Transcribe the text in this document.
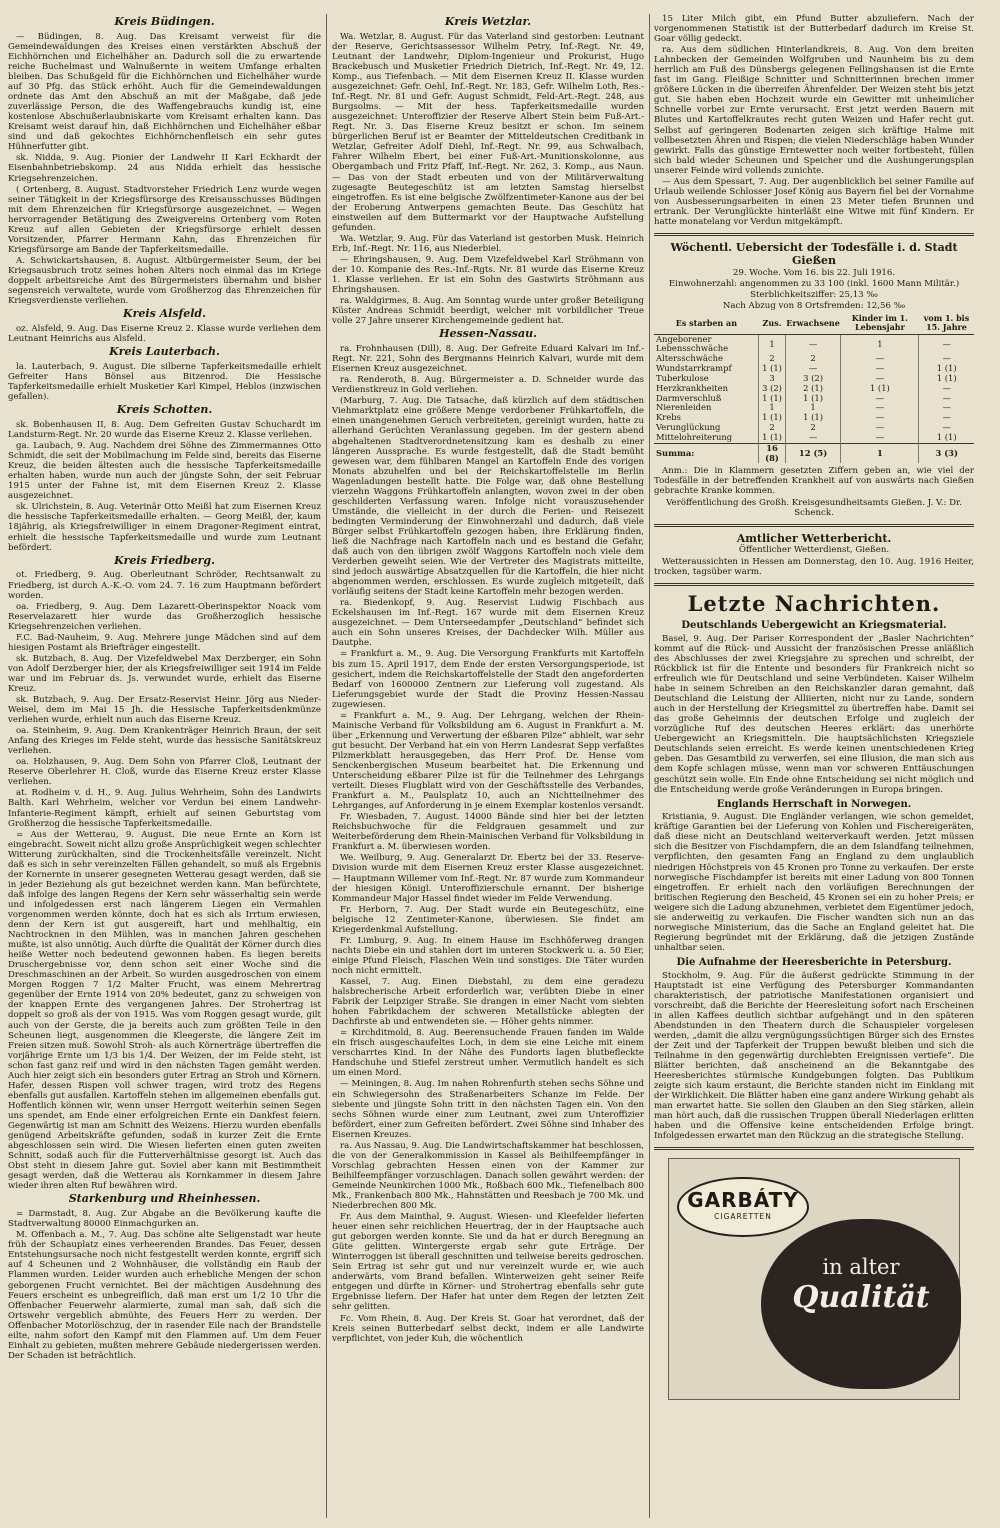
Kreis Büdingen.

— Büdingen, 8. Aug. Das Kreisamt verweist für die Gemeindewaldungen des Kreises einen verstärkten Abschuß der Eichhörnchen und Eichelhäher an. Dadurch soll die zu erwartende reiche Buchelmast und Walnußernte in weitem Umfange erhalten bleiben. Das Schußgeld für die Eichhörnchen und Eichelhäher wurde auf 30 Pfg. das Stück erhöht. Auch für die Gemeindewaldungen ordnete das Amt den Abschuß an mit der Maßgabe, daß jede zuverlässige Person, die des Waffengebrauchs kundig ist, eine kostenlose Abschußerlaubniskarte vom Kreisamt erhalten kann. Das Kreisamt weist darauf hin, daß Eichhörnchen und Eichelhäher eßbar sind und daß gekochtes Eichhörnchenfleisch ein sehr gutes Hühnerfutter gibt.

sk. Nidda, 9. Aug. Pionier der Landwehr II Karl Eckhardt der Eisenbahnbetriebskomp. 24 aus Nidda erhielt das hessische Kriegsehrenzeichen.

( Ortenberg, 8. August. Stadtvorsteher Friedrich Lenz wurde wegen seiner Tätigkeit in der Kriegsfürsorge des Kreisausschusses Büdingen mit dem Ehrenzeichen für Kriegsfürsorge ausgezeichnet. — Wegen hervorragender Betätigung des Zweigvereins Ortenberg vom Roten Kreuz auf allen Gebieten der Kriegsfürsorge erhielt dessen Vorsitzender, Pfarrer Hermann Kahn, das Ehrenzeichen für Kriegsfürsorge am Bande der Tapferkeitsmedaille.

A. Schwickartshausen, 8. August. Altbürgermeister Seum, der bei Kriegsausbruch trotz seines hohen Alters noch einmal das im Kriege doppelt arbeitsreiche Amt des Bürgermeisters übernahm und bisher segensreich verwaltete, wurde vom Großherzog das Ehrenzeichen für Kriegsverdienste verliehen.

Kreis Alsfeld.

oz. Alsfeld, 9. Aug. Das Eiserne Kreuz 2. Klasse wurde verliehen dem Leutnant Heinrichs aus Alsfeld.

Kreis Lauterbach.

la. Lauterbach, 9. August. Die silberne Tapferkeitsmedaille erhielt Gefreiter Hans Bönsel aus Bitzenrod. Die Hessische Tapferkeitsmedaille erhielt Musketier Karl Kimpel, Heblos (inzwischen gefallen).

Kreis Schotten.

sk. Bobenhausen II, 8. Aug. Dem Gefreiten Gustav Schuchardt im Landsturm-Regt. Nr. 20 wurde das Eiserne Kreuz 2. Klasse verliehen.

ga. Laubach, 9. Aug. Nachdem drei Söhne des Zimmermannes Otto Schmidt, die seit der Mobilmachung im Felde sind, bereits das Eiserne Kreuz, die beiden ältesten auch die hessische Tapferkeitsmedaille erhalten haben, wurde nun auch der jüngste Sohn, der seit Februar 1915 unter der Fahne ist, mit dem Eisernen Kreuz 2. Klasse ausgezeichnet.

sk. Ulrichstein, 8. Aug. Veterinär Otto Meißl hat zum Eisernen Kreuz die hessische Tapferkeitsmedaille erhalten. — Georg Meißl, der, kaum 18jährig, als Kriegsfreiwilliger in einem Dragoner-Regiment eintrat, erhielt die hessische Tapferkeitsmedaille und wurde zum Leutnant befördert.

Kreis Friedberg.

ot. Friedberg, 9. Aug. Oberleutnant Schröder, Rechtsanwalt zu Friedberg, ist durch A.-K.-O. vom 24. 7. 16 zum Hauptmann befördert worden.

oa. Friedberg, 9. Aug. Dem Lazarett-Oberinspektor Noack vom Reservelazarett hier wurde das Großherzoglich hessische Kriegsehrenzeichen verliehen.

F.C. Bad-Nauheim, 9. Aug. Mehrere junge Mädchen sind auf dem hiesigen Postamt als Briefträger eingestellt.

sk. Butzbach, 8. Aug. Der Vizefeldwebel Max Derzberger, ein Sohn von Adolf Derzberger hier, der als Kriegsfreiwilliger seit 1914 im Felde war und im Februar ds. Js. verwundet wurde, erhielt das Eiserne Kreuz.

sk. Butzbach, 9. Aug. Der Ersatz-Reservist Heinr. Jörg aus Nieder-Weisel, dem im Mai 15 Jh. die Hessische Tapferkeitsdenkmünze verliehen wurde, erhielt nun auch das Eiserne Kreuz.

oa. Steinheim, 9. Aug. Dem Krankenträger Heinrich Braun, der seit Anfang des Krieges im Felde steht, wurde das hessische Sanitätskreuz verliehen.

oa. Holzhausen, 9. Aug. Dem Sohn von Pfarrer Cloß, Leutnant der Reserve Oberlehrer H. Cloß, wurde das Eiserne Kreuz erster Klasse verliehen.

at. Rodheim v. d. H., 9. Aug. Julius Wehrheim, Sohn des Landwirts Balth. Karl Wehrheim, welcher vor Verdun bei einem Landwehr-Infanterie-Regiment kämpft, erhielt auf seinen Geburtstag vom Großherzog die hessische Tapferkeitsmedaille.

= Aus der Wetterau, 9. August. Die neue Ernte an Korn ist eingebracht. Soweit nicht allzu große Ansprüchigkeit wegen schlechter Witterung zurückhalten, sind die Trockenheitsfälle vereinzelt. Nicht daß es sich in sehr vereinzelten Fällen gehandelt, so muß als Ergebnis der Kornernte in unserer gesegneten Wetterau gesagt werden, daß sie in jeder Beziehung als gut bezeichnet werden kann. Man befürchtete, daß infolge des langen Regens der Kern sehr wässerhaltig sein werde und infolgedessen erst nach längerem Liegen ein Vermahlen vorgenommen werden könnte, doch hat es sich als Irrtum erwiesen, denn der Kern ist gut ausgereift, hart und mehlhaltig, ein Nachtrocknen in den Mühlen, was in manchen Jahren geschehen mußte, ist also unnötig. Auch dürfte die Qualität der Körner durch dies heiße Wetter noch bedeutend gewonnen haben. Es liegen bereits Druschergebnisse vor, denn schon seit einer Woche sind die Dreschmaschinen an der Arbeit. So wurden ausgedroschen von einem Morgen Roggen 7 1/2 Malter Frucht, was einem Mehrertrag gegenüber der Ernte 1914 von 20% bedeutet, ganz zu schweigen von der knappen Ernte des vergangenen Jahres. Der Strohertrag ist doppelt so groß als der von 1915. Was vom Roggen gesagt wurde, gilt auch von der Gerste, die ja bereits auch zum größten Teile in den Scheunen liegt, ausgenommen die Kleegerste, die längere Zeit im Freien sitzen muß. Sowohl Stroh- als auch Körnerträge übertreffen die vorjährige Ernte um 1/3 bis 1/4. Der Weizen, der im Felde steht, ist schon fast ganz reif und wird in den nächsten Tagen gemäht werden. Auch hier zeigt sich ein besonders guter Ertrag an Stroh und Körnern. Hafer, dessen Rispen voll schwer tragen, wird trotz des Regens ebenfalls gut ausfallen. Kartoffeln stehen im allgemeinen ebenfalls gut. Hoffentlich können wir, wenn unser Herrgott weiterhin seinen Segen uns spendet, am Ende einer erfolgreichen Ernte ein Dankfest feiern. Gegenwärtig ist man am Schnitt des Weizens. Hierzu wurden ebenfalls genügend Arbeitskräfte gefunden, sodaß in kurzer Zeit die Ernte abgeschlossen sein wird. Die Wiesen lieferten einen guten zweiten Schnitt, sodaß auch für die Futterverhältnisse gesorgt ist. Auch das Obst steht in diesem Jahre gut. Soviel aber kann mit Bestimmtheit gesagt werden, daß die Wetterau als Kornkammer in diesem Jahre wieder ihren alten Ruf bewähren wird.

Starkenburg und Rheinhessen.

= Darmstadt, 8. Aug. Zur Abgabe an die Bevölkerung kaufte die Stadtverwaltung 80000 Einmachgurken an.

M. Offenbach a. M., 7. Aug. Das schöne alte Seligenstadt war heute früh der Schauplatz eines verheerenden Brandes. Das Feuer, dessen Entstehungsursache noch nicht festgestellt werden konnte, ergriff sich auf 4 Scheunen und 2 Wohnhäuser, die vollständig ein Raub der Flammen wurden. Leider wurden auch erhebliche Mengen der schon geborgenen Frucht vernichtet. Bei der mächtigen Ausdehnung des Feuers erscheint es unbegreiflich, daß man erst um 1/2 10 Uhr die Offenbacher Feuerwehr alarmierte, zumal man sah, daß sich die Ortswehr vergeblich abmühte, des Feuers Herr zu werden. Der Offenbacher Motorlöschzug, der in rasender Eile nach der Brandstelle eilte, nahm sofort den Kampf mit den Flammen auf. Um dem Feuer Einhalt zu gebieten, mußten mehrere Gebäude niedergerissen werden. Der Schaden ist beträchtlich.

Kreis Wetzlar.

Wa. Wetzlar, 8. August. Für das Vaterland sind gestorben: Leutnant der Reserve, Gerichtsassessor Wilhelm Petry, Inf.-Regt. Nr. 49, Leutnant der Landwehr, Diplom-Ingenieur und Prokurist, Hugo Brackebusch und Musketier Friedrich Dietrich, Inf.-Regt. Nr. 49, 12. Komp., aus Tiefenbach. — Mit dem Eisernen Kreuz II. Klasse wurden ausgezeichnet: Gefr. Oehl, Inf.-Regt. Nr. 183, Gefr. Wilhelm Loth, Res.-Inf.-Regt. Nr. 81 und Gefr. August Schmidt, Feld-Art.-Regt. 248, aus Burgsolms. — Mit der hess. Tapferkeitsmedaille wurden ausgezeichnet: Unteroffizier der Reserve Albert Stein beim Fuß-Art.-Regt. Nr. 3. Das Eiserne Kreuz besitzt er schon. Im seinem bürgerlichen Beruf ist er Beamter der Mitteldeutschen Creditbank in Wetzlar, Gefreiter Adolf Diehl, Inf.-Regt. Nr. 99, aus Schwalbach, Fahrer Wilhelm Ebert, bei einer Fuß-Art.-Munitionskolonne, aus Obergambach und Fritz Pfaff, Inf.-Regt. Nr. 262, 3. Komp., aus Naun. — Das von der Stadt erbeuten und von der Militärverwaltung zugesagte Beutegeschütz ist am letzten Samstag hierselbst eingetroffen. Es ist eine belgische Zwölfzentimeter-Kanone aus der bei der Eroberung Antwerpens gemachten Beute. Das Geschütz hat einstweilen auf dem Buttermarkt vor der Hauptwache Aufstellung gefunden.

Wa. Wetzlar, 9. Aug. Für das Vaterland ist gestorben Musk. Heinrich Erb, Inf.-Regt. Nr. 116, aus Niederbiel.

— Ehringshausen, 9. Aug. Dem Vizefeldwebel Karl Ströhmann von der 10. Kompanie des Res.-Inf.-Rgts. Nr. 81 wurde das Eiserne Kreuz 1. Klasse verliehen. Er ist ein Sohn des Gastwirts Ströhmann aus Ehringshausen.

ra. Waldgirmes, 8. Aug. Am Sonntag wurde unter großer Beteiligung Küster Andreas Schmidt beerdigt, welcher mit vorbildlicher Treue volle 27 Jahre unserer Kirchengemeinde gedient hat.

Hessen-Nassau.

ra. Frohnhausen (Dill), 8. Aug. Der Gefreite Eduard Kalvari im Inf.-Regt. Nr. 221, Sohn des Bergmanns Heinrich Kalvari, wurde mit dem Eisernen Kreuz ausgezeichnet.

ra. Renderoth, 8. Aug. Bürgermeister a. D. Schneider wurde das Verdienstkreuz in Gold verliehen.

(Marburg, 7. Aug. Die Tatsache, daß kürzlich auf dem städtischen Viehmarktplatz eine größere Menge verdorbener Frühkartoffeln, die einen unangenehmen Geruch verbreiteten, gereinigt wurden, hatte zu allerhand Gerüchten Veranlassung gegeben. Im der gestern abend abgehaltenen Stadtverordnetensitzung kam es deshalb zu einer längeren Aussprache. Es wurde festgestellt, daß die Stadt bemüht gewesen war, dem fühlbaren Mangel an Kartoffeln Ende des vorigen Monats abzuhelfen und bei der Reichskartoffelstelle im Berlin Wagenladungen bestellt hatte. Die Folge war, daß ohne Bestellung vierzehn Waggons Frühkartoffeln anlangten, wovon zwei in der oben geschilderten Verfassung waren. Infolge nicht vorauszusehender Umstände, die vielleicht in der durch die Ferien- und Reisezeit bedingten Verminderung der Einwohnerzahl und dadurch, daß viele Bürger selbst Frühkartoffeln gezogen haben, ihre Erklärung finden, ließ die Nachfrage nach Kartoffeln nach und es bestand die Gefahr, daß auch von den übrigen zwölf Waggons Kartoffeln noch viele dem Verderben geweiht seien. Wie der Vertreter des Magistrats mitteilte, sind jedoch auswärtige Absatzquellen für die Kartoffeln, die hier nicht abgenommen werden, erschlossen. Es wurde zugleich mitgeteilt, daß vorläufig seitens der Stadt keine Kartoffeln mehr bezogen werden.

ra. Biedenkopf, 9. Aug. Reservist Ludwig Fischbach aus Eckelshausen im Inf.-Regt. 167 wurde mit dem Eisernen Kreuz ausgezeichnet. — Dem Unterseedampfer „Deutschland“ befindet sich auch ein Sohn unseres Kreises, der Dachdecker Wilh. Müller aus Dautphe.

= Frankfurt a. M., 9. Aug. Die Versorgung Frankfurts mit Kartoffeln bis zum 15. April 1917, dem Ende der ersten Versorgungsperiode, ist gesichert, indem die Reichskartoffelstelle der Stadt den angeforderten Bedarf von 1600000 Zentnern zur Lieferung voll zugestand. Als Lieferungsgebiet wurde der Stadt die Provinz Hessen-Nassau zugewiesen.

= Frankfurt a. M., 9. Aug. Der Lehrgang, welchen der Rhein-Mainische Verband für Volksbildung am 6. August in Frankfurt a. M. über „Erkennung und Verwertung der eßbaren Pilze“ abhielt, war sehr gut besucht. Der Verband hat ein von Herrn Landesrat Sepp verfaßtes Pilzmerkblatt herausgegeben, das Herr Prof. Dr. Hense vom Senckenbergischen Museum bearbeitet hat. Die Erkennung und Unterscheidung eßbarer Pilze ist für die Teilnehmer des Lehrgangs verteilt. Dieses Flugblatt wird von der Geschäftsstelle des Verbandes, Frankfurt a. M., Paulsplatz 10, auch an Nichtteilnehmer des Lehrganges, auf Anforderung in je einem Exemplar kostenlos versandt.

Fr. Wiesbaden, 7. August. 14000 Bände sind hier bei der letzten Reichsbuchwoche für die Feldgrauen gesammelt und zur Weiterbeförderung dem Rhein-Mainischen Verband für Volksbildung in Frankfurt a. M. überwiesen worden.

We. Weilburg, 9. Aug. Generalarzt Dr. Ebertz bei der 33. Reserve-Division wurde mit dem Eisernen Kreuz erster Klasse ausgezeichnet. — Hauptmann Willemer vom Inf.-Regt. Nr. 87 wurde zum Kommandeur der hiesigen Königl. Unteroffizierschule ernannt. Der bisherige Kommandeur Major Hassel findet wieder im Felde Verwendung.

Fr. Herborn, 7. Aug. Der Stadt wurde ein Beutegeschütz, eine belgische 12 Zentimeter-Kanone, überwiesen. Sie findet am Kriegerdenkmal Aufstellung.

Fr. Limburg, 9. Aug. In einem Hause im Eschhöferweg drangen nachts Diebe ein und stahlen dort im unteren Stockwerk u. a. 50 Eier, einige Pfund Fleisch, Flaschen Wein und sonstiges. Die Täter wurden noch nicht ermittelt.

Kassel, 7. Aug. Einen Diebstahl, zu dem eine geradezu halsbrecherische Arbeit erforderlich war, verübten Diebe in einer Fabrik der Leipziger Straße. Sie drangen in einer Nacht vom siebten hohen Fabrikdachem der schweren Metallstücke ablegten der Dachfirste ab und entwendeten sie. — Höher gehts nimmer.

= Kirchditmold, 8. Aug. Beerensuchende Frauen fanden im Walde ein frisch ausgeschaufeltes Loch, in dem sie eine Leiche mit einem verscharrtes Kind. In der Nähe des Fundorts lagen blutbefleckte Handschuhe und Stiefel zerstreut umher. Vermutlich handelt es sich um einen Mord.

— Meiningen, 8. Aug. Im nahen Rohrenfurth stehen sechs Söhne und ein Schwiegersohn des Straßenarbeiters Schanze im Felde. Der siebente und jüngste Sohn tritt in den nächsten Tagen ein. Von den sechs Söhnen wurde einer zum Leutnant, zwei zum Unteroffizier befördert, einer zum Gefreiten befördert. Zwei Söhne sind Inhaber des Eisernen Kreuzes.

ra. Aus Nassau, 9. Aug. Die Landwirtschaftskammer hat beschlossen, die von der Generalkommission in Kassel als Beihilfeempfänger in Vorschlag gebrachten Hessen einen von der Kammer zur Beihilfeempfänger vorzuschlagen. Danach sollen gewährt werden: der Gemeinde Neunkirchen 1000 Mk., Roßbach 600 Mk., Tiefenelbach 800 Mk., Frankenbach 800 Mk., Hahnstätten und Reesbach je 700 Mk. und Niederbrechen 800 Mk.

Fr. Aus dem Mainthal, 9. August. Wiesen- und Kleefelder lieferten heuer einen sehr reichlichen Heuertrag, der in der Hauptsache auch gut geborgen werden konnte. Sie und da hat er durch Beregnung an Güte gelitten. Wintergerste ergab sehr gute Erträge. Der Winterroggen ist überall geschnitten und teilweise bereits gedroschen. Sein Ertrag ist sehr gut und nur vereinzelt wurde er, wie auch anderwärts, vom Brand befallen. Winterweizen geht seiner Reife entgegen und dürfte in Körner- und Strohertrag ebenfalls sehr gute Ergebnisse liefern. Der Hafer hat unter dem Regen der letzten Zeit sehr gelitten.

Fc. Vom Rhein, 8. Aug. Der Kreis St. Goar hat verordnet, daß der Kreis seinen Butterbedarf selbst deckt, indem er alle Landwirte verpflichtet, von jeder Kuh, die wöchentlich

15 Liter Milch gibt, ein Pfund Butter abzuliefern. Nach der vorgenommenen Statistik ist der Butterbedarf dadurch im Kreise St. Goar völlig gedeckt.

ra. Aus dem südlichen Hinterlandkreis, 8. Aug. Von dem breiten Lahnbecken der Gemeinden Wolfgruben und Naunheim bis zu dem herrlich am Fuß des Dünsbergs gelegenen Fellingshausen ist die Ernte fast im Gang. Fleißige Schnitter und Schnitterinnen brechen immer größere Lücken in die überreifen Ährenfelder. Der Weizen steht bis jetzt gut. Sie haben eben Hochzeit wurde ein Gewitter mit unheimlicher Schnelle vorbei zur Ernte verursacht. Erst jetzt werden Bauern mit Blutes und Kartoffelkrautes recht guten Weizen und Hafer recht gut. Selbst auf geringeren Bodenarten zeigen sich kräftige Halme mit vollbesetzten Ähren und Rispen; die vielen Niederschläge haben Wunder gewirkt. Falls das günstige Erntewetter noch weiter fortbesteht, füllen sich bald wieder Scheunen und Speicher und die Aushungerungsplan unserer Feinde wird vollends zunichte.

— Aus dem Spessart, 7. Aug. Der augenblicklich bei seiner Familie auf Urlaub weilende Schlosser Josef König aus Bayern fiel bei der Vornahme von Ausbesserungsarbeiten in einen 23 Meter tiefen Brunnen und ertrank. Der Verunglückte hinterläßt eine Witwe mit fünf Kindern. Er hatte monatelang vor Verdun mitgekämpft.

Wöchentl. Uebersicht der Todesfälle i. d. Stadt Gießen

29. Woche. Vom 16. bis 22. Juli 1916.

Einwohnerzahl: angenommen zu 33 100 (inkl. 1600 Mann Militär.)

Sterblichkeitsziffer: 25,13 ‰

Nach Abzug von 8 Ortsfremden: 12,56 ‰

Es starben an	Zus.	Erwachsene	Kinder im 1. Lebensjahr	vom 1. bis 15. Jahre
Angeborener Lebensschwäche	1	—	1	—
Altersschwäche	2	2	—	—
Wundstarrkrampf	1 (1)	—	—	1 (1)
Tuberkulose	3	3 (2)	—	1 (1)
Herzkrankheiten	3 (2)	2 (1)	1 (1)	—
Darmverschluß	1 (1)	1 (1)	—	—
Nierenleiden	1	1	—	—
Krebs	1 (1)	1 (1)	—	—
Verunglückung	2	2	—	—
Mittelohreiterung	1 (1)	—	—	1 (1)
Summa:	16 (8)	12 (5)	1	3 (3)

Anm.: Die in Klammern gesetzten Ziffern geben an, wie viel der Todesfälle in der betreffenden Krankheit auf von auswärts nach Gießen gebrachte Kranke kommen.

Veröffentlichung des Großh. Kreisgesundheitsamts Gießen. J. V.: Dr. Schenck.

Amtlicher Wetterbericht.

Öffentlicher Wetterdienst, Gießen.

Wetteraussichten in Hessen am Donnerstag, den 10. Aug. 1916 Heiter, trocken, tagsüber warm.

Letzte Nachrichten.
Deutschlands Uebergewicht an Kriegsmaterial.

Basel, 9. Aug. Der Pariser Korrespondent der „Basler Nachrichten“ kommt auf die Rück- und Aussicht der französischen Presse anläßlich des Abschlusses der zwei Kriegsjahre zu sprechen und schreibt, der Rückblick ist für die Entente und besonders für Frankreich nicht so erfreulich wie für Deutschland und seine Verbündeten. Kaiser Wilhelm habe in seinem Schreiben an den Reichskanzler daran gemahnt, daß Deutschland die Leistung der Alliierten, nicht nur zu Lande, sondern auch in der Herstellung der Kriegsmittel zu übertreffen habe. Damit sei das große Geheimnis der deutschen Erfolge und zugleich der vorzügliche Ruf des deutschen Heeres erklärt: das unerhörte Uebergewicht an Kriegsmitteln. Die hauptsächlichsten Kriegsziele Deutschlands seien erreicht. Es werde keinen unentschiedenen Krieg geben. Das Gesamtbild zu verwerfen, sei eine Illusion, die man sich aus dem Kopfe schlagen müsse, wenn man vor schweren Enttäuschungen geschützt sein wolle. Ein Ende ohne Entscheidung sei nicht möglich und die Entscheidung werde große Veränderungen in Europa bringen.

Englands Herrschaft in Norwegen.

Kristiania, 9. August. Die Engländer verlangen, wie schon gemeldet, kräftige Garantien bei der Lieferung von Kohlen und Fischereigeräten, daß diese nicht an Deutschland weiterverkauft werden. Jetzt müssen sich die Besitzer von Fischdampfern, die an dem Islandfang teilnehmen, verpflichten, den gesamten Fang an England zu dem unglaublich niedrigen Höchstpreis von 45 Kronen pro Tonne zu verkaufen. Der erste norwegische Fischdampfer ist bereits mit einer Ladung von 800 Tonnen eingetroffen. Er erhielt nach den vorläufigen Berechnungen der britischen Regierung den Bescheid, 45 Kronen sei ein zu hoher Preis; er weigere sich die Ladung abzunehmen, verbietet dem Eigentümer jedoch, sie anderweitig zu verkaufen. Die Fischer wandten sich nun an das norwegische Ministerium, das die Sache an England geleitet hat. Die Regierung begründet mit der Erklärung, daß die jetzigen Zustände unhaltbar seien.

Die Aufnahme der Heeresberichte in Petersburg.

Stockholm, 9. Aug. Für die äußerst gedrückte Stimmung in der Hauptstadt ist eine Verfügung des Petersburger Kommandanten charakteristisch, der patriotische Manifestationen organisiert und vorschreibt, daß die Berichte der Heeresleitung sofort nach Erscheinen in allen Kaffees deutlich sichtbar aufgehängt und in den späteren Abendstunden in den Theatern durch die Schauspieler vorgelesen werden, „damit die allzu vergnügungssüchtigen Bürger sich des Ernstes der Zeit und der Tapferkeit der Truppen bewußt bleiben und sich die Teilnahme in den gegenwärtig durchlebten Ereignissen vertiefe“. Die Blätter berichten, daß anscheinend an die Bekanntgabe des Heeresberichtes stürmische Kundgebungen folgten. Das Publikum zeigte sich kaum erstaunt, die Berichte standen nicht im Einklang mit der Wirklichkeit. Die Blätter haben eine ganz andere Wirkung gehabt als man erwartet hatte. Sie sollen den Glauben an den Sieg stärken, allein man hört auch, daß die russischen Truppen überall Niederlagen erlitten haben und die Offensive keine entscheidenden Erfolge bringt. Infolgedessen erwartet man den Rückzug an die strategische Stellung.

in alter
Qualität
GARBÁTY
CIGARETTEN
